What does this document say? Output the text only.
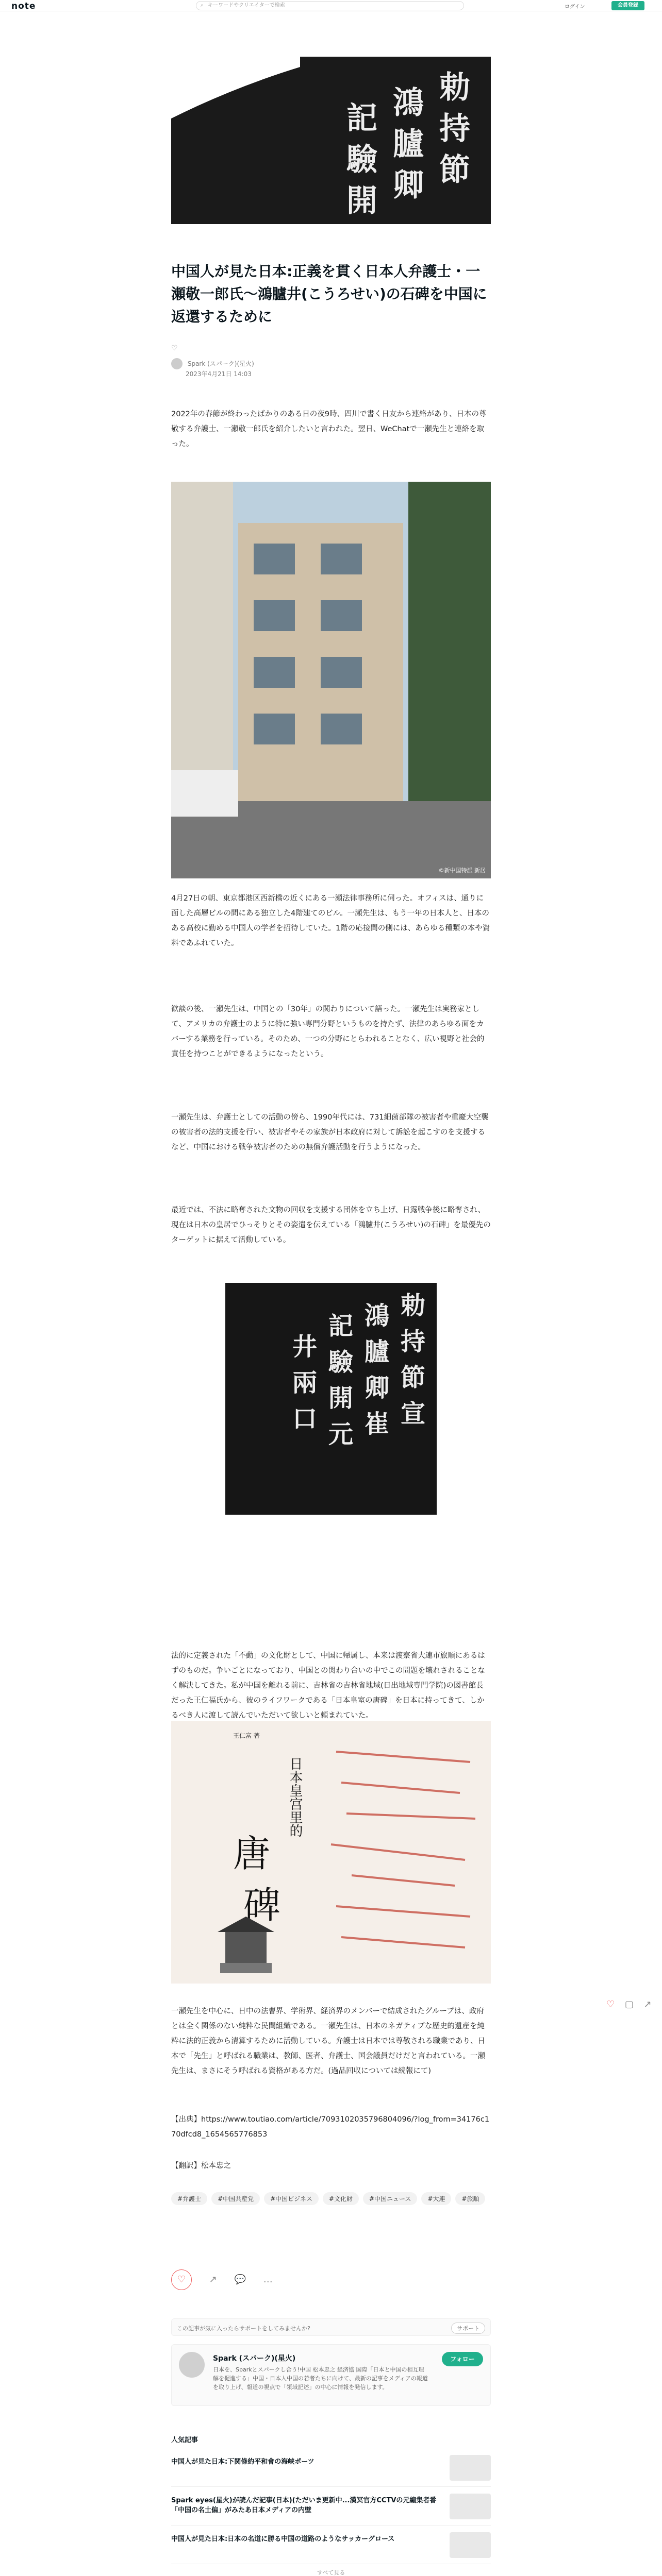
note	⌕ キーワードやクリエイターで検索	ログイン	会員登録
勅
持
節
鴻
臚
卿
記
驗
開
中国人が見た日本:正義を貫く日本人弁護士・一瀬敬一郎氏〜鴻臚井(こうろせい)の石碑を中国に返還するために
♡
Spark (スパーク)(星火)
2023年4月21日 14:03
2022年の春節が終わったばかりのある日の夜9時、四川で書く日友から連絡があり、日本の尊敬する弁護士、一瀬敬一郎氏を紹介したいと言われた。翌日、WeChatで一瀬先生と連絡を取った。
©新中国特派 新居
4月27日の朝、東京都港区西新橋の近くにある一瀬法律事務所に伺った。オフィスは、通りに面した高層ビルの間にある独立した4階建てのビル。一瀬先生は、もう一年の日本人と、日本のある高校に勤める中国人の学者を招待していた。1階の応接間の側には、あらゆる種類の本や資料であふれていた。
歓談の後、一瀬先生は、中国との「30年」の関わりについて語った。一瀬先生は実務家として、アメリカの弁護士のように特に強い専門分野というものを持たず、法律のあらゆる面をカバーする業務を行っている。そのため、一つの分野にとらわれることなく、広い視野と社会的責任を持つことができるようになったという。
一瀬先生は、弁護士としての活動の傍ら、1990年代には、731細菌部隊の被害者や重慶大空襲の被害者の法的支援を行い、被害者やその家族が日本政府に対して訴訟を起こすのを支援するなど、中国における戦争被害者のための無償弁護活動を行うようになった。
最近では、不法に略奪された文物の回収を支援する団体を立ち上げ、日露戦争後に略奪され、現在は日本の皇居でひっそりとその姿遣を伝えている「鴻臚井(こうろせい)の石碑」を最優先のターゲットに据えて活動している。
勅
持
節
宣
鴻
臚
卿
崔
記
驗
開
元
井
兩
口
法的に定義された「不動」の文化財として、中国に帰属し、本来は渡寮省大連市旅順にあるはずのものだ。争いごとになっており、中国との関わり合いの中でこの問題を壊れされることなく解決してきた。私が中国を離れる前に、吉林省の吉林省地域(日出地域専門学院)の図書館長だった王仁福氏から、彼のライフワークである「日本皇室の唐碑」を日本に持ってきて、しかるべき人に渡して読んでいただいて欲しいと頼まれていた。
王仁富 著
日本皇宫里的
唐
碑
一瀬先生を中心に、日中の法曹界、学術界、経済界のメンバーで結成されたグループは、政府とは全く関係のない純粋な民間組織である。一瀬先生は、日本のネガティブな歴史的遺産を純粋に法的正義から清算するために活動している。弁護士は日本では尊敬される職業であり、日本で「先生」と呼ばれる職業は、教師、医者、弁護士、国会議員だけだと言われている。一瀬先生は、まさにそう呼ばれる資格がある方だ。(過品回収については続報にて)
【出典】https://www.toutiao.com/article/7093102035796804096/?log_from=34176c170dfcd8_1654565776853
【翻訳】松本忠之
#弁護士	#中国共産党	#中国ビジネス	#文化財	#中国ニュース	#大連	#旅順
♡	↗ 💬 …
この記事が気に入ったらサポートをしてみませんか?	サポート
Spark (スパーク)(星火)
日本を、Sparkとスパークし合う!中国 松本忠之 経済協 国際「日本と中国の相互理解を促進する」中国・日本人中国の若者たちに向けて、最新の記事をメディアの報道を取り上げ、報道の視点で「領域記述」の中心に情報を発信します。
フォロー
人気記事
中国人が見た日本:下関條約平和會の海峡ポーツ
Spark eyes(星火)が読んだ記事(日本)(ただいま更新中...漢冥官方CCTVの元編集者番「中国の名土偏」がみたあ日本メディアの内壁
中国人が見た日本:日本の名道に勝る中国の道路のようなサッカーグロース
すべて見る
♡ ▢ ↗
